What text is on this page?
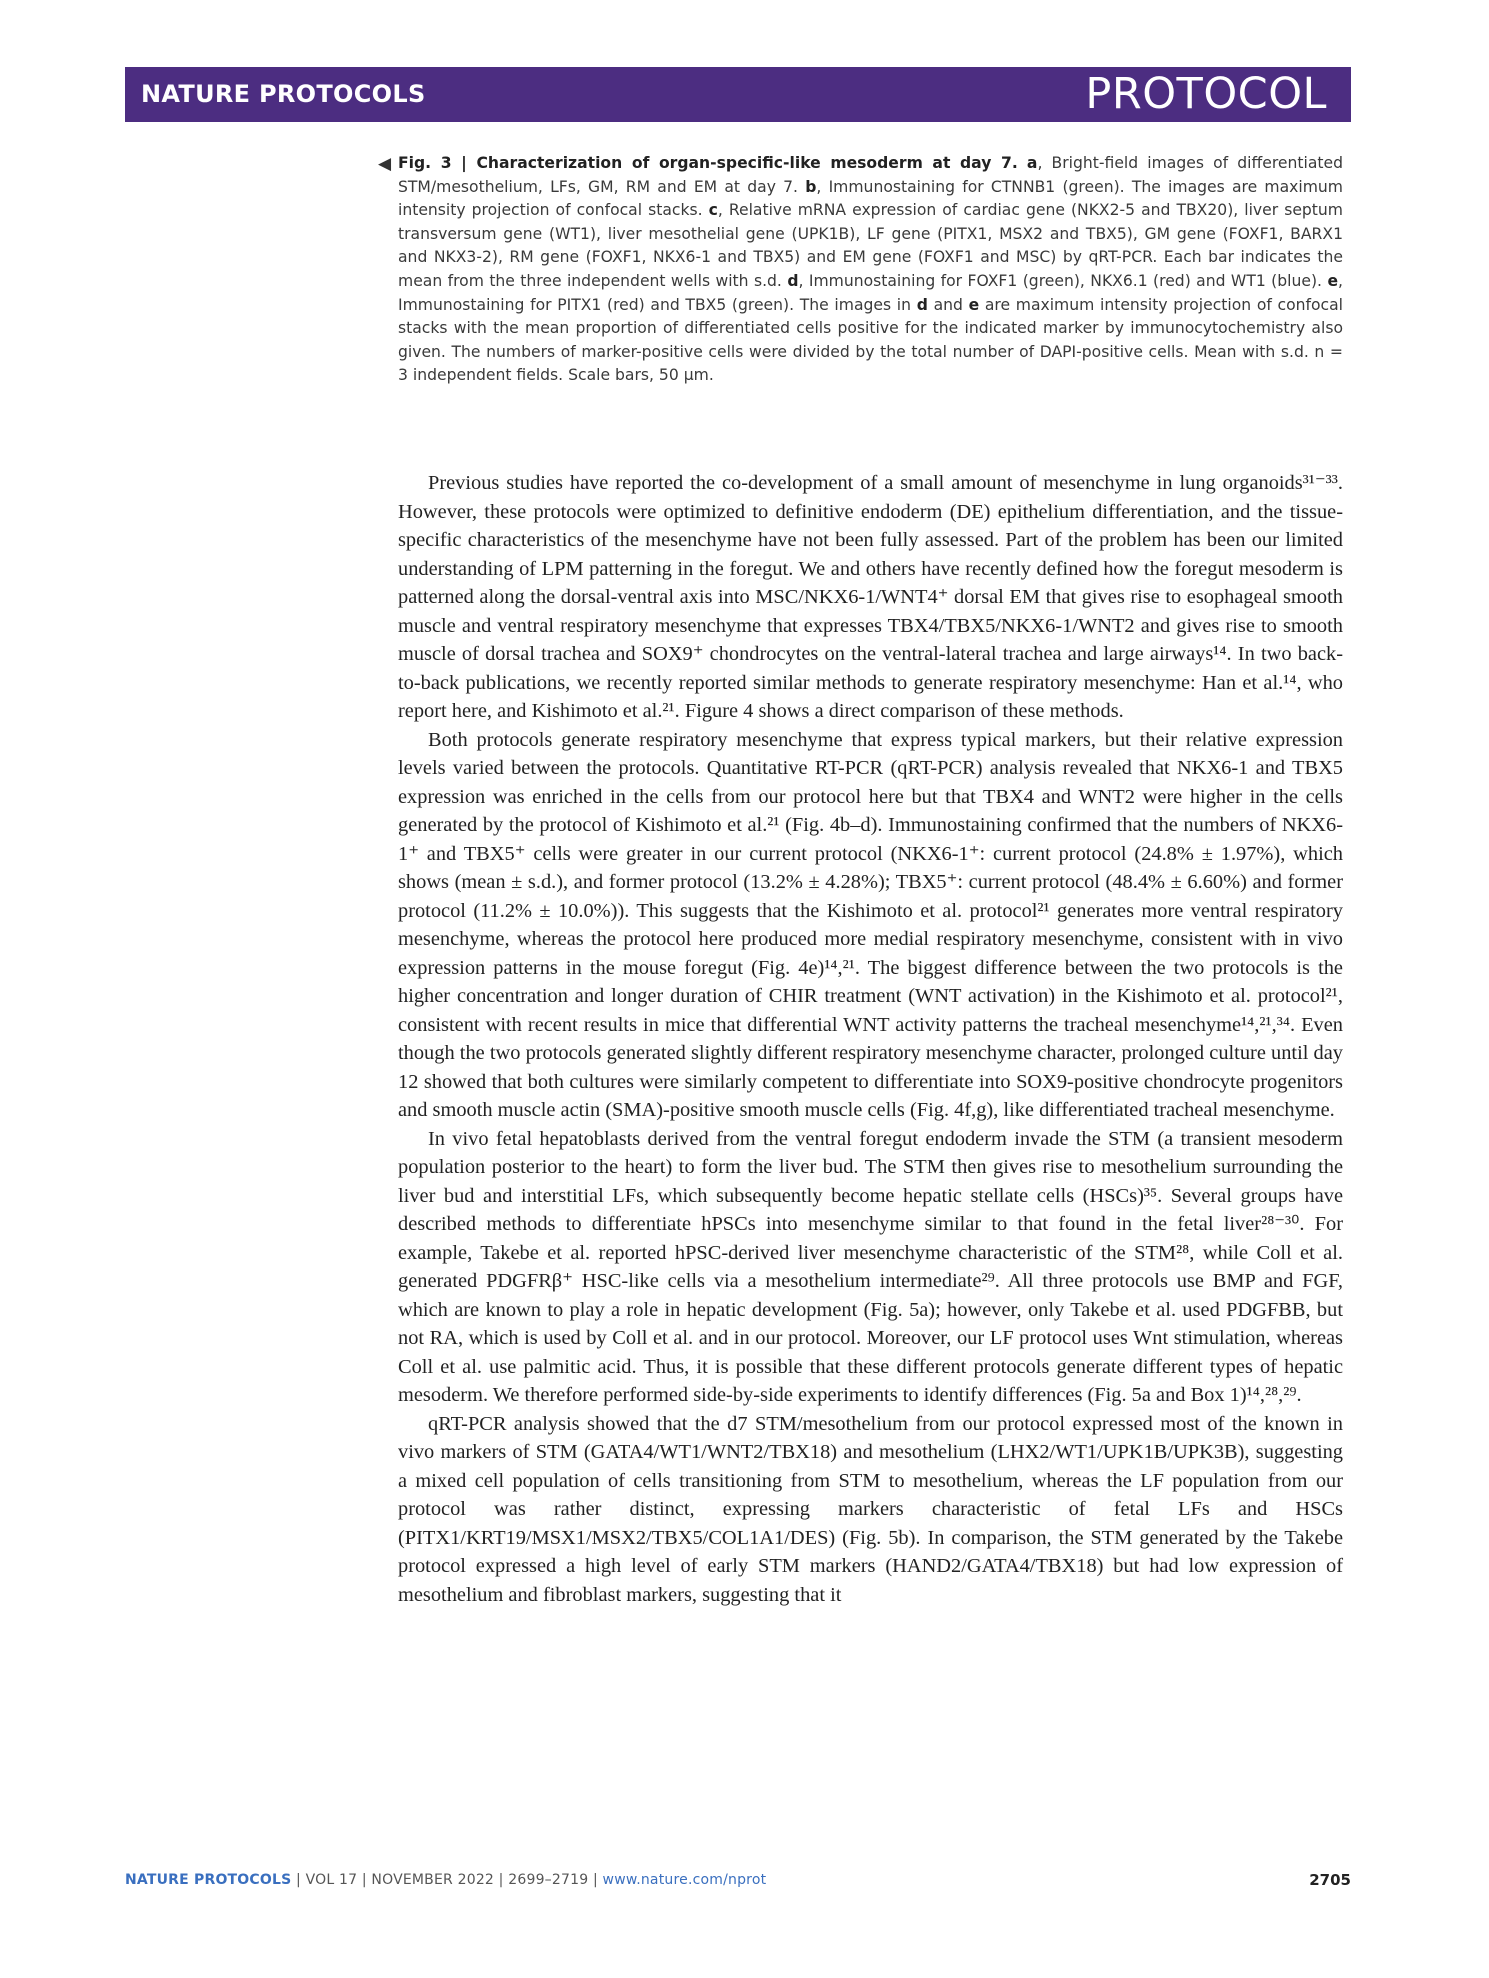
NATURE PROTOCOLS	PROTOCOL
◀ Fig. 3 | Characterization of organ-specific-like mesoderm at day 7. a, Bright-field images of differentiated STM/mesothelium, LFs, GM, RM and EM at day 7. b, Immunostaining for CTNNB1 (green). The images are maximum intensity projection of confocal stacks. c, Relative mRNA expression of cardiac gene (NKX2-5 and TBX20), liver septum transversum gene (WT1), liver mesothelial gene (UPK1B), LF gene (PITX1, MSX2 and TBX5), GM gene (FOXF1, BARX1 and NKX3-2), RM gene (FOXF1, NKX6-1 and TBX5) and EM gene (FOXF1 and MSC) by qRT-PCR. Each bar indicates the mean from the three independent wells with s.d. d, Immunostaining for FOXF1 (green), NKX6.1 (red) and WT1 (blue). e, Immunostaining for PITX1 (red) and TBX5 (green). The images in d and e are maximum intensity projection of confocal stacks with the mean proportion of differentiated cells positive for the indicated marker by immunocytochemistry also given. The numbers of marker-positive cells were divided by the total number of DAPI-positive cells. Mean with s.d. n = 3 independent fields. Scale bars, 50 μm.

Previous studies have reported the co-development of a small amount of mesenchyme in lung organoids³¹⁻³³. However, these protocols were optimized to definitive endoderm (DE) epithelium differentiation, and the tissue-specific characteristics of the mesenchyme have not been fully assessed. Part of the problem has been our limited understanding of LPM patterning in the foregut. We and others have recently defined how the foregut mesoderm is patterned along the dorsal-ventral axis into MSC/NKX6-1/WNT4⁺ dorsal EM that gives rise to esophageal smooth muscle and ventral respiratory mesenchyme that expresses TBX4/TBX5/NKX6-1/WNT2 and gives rise to smooth muscle of dorsal trachea and SOX9⁺ chondrocytes on the ventral-lateral trachea and large airways¹⁴. In two back-to-back publications, we recently reported similar methods to generate respiratory mesenchyme: Han et al.¹⁴, who report here, and Kishimoto et al.²¹. Figure 4 shows a direct comparison of these methods.

Both protocols generate respiratory mesenchyme that express typical markers, but their relative expression levels varied between the protocols. Quantitative RT-PCR (qRT-PCR) analysis revealed that NKX6-1 and TBX5 expression was enriched in the cells from our protocol here but that TBX4 and WNT2 were higher in the cells generated by the protocol of Kishimoto et al.²¹ (Fig. 4b–d). Immunostaining confirmed that the numbers of NKX6-1⁺ and TBX5⁺ cells were greater in our current protocol (NKX6-1⁺: current protocol (24.8% ± 1.97%), which shows (mean ± s.d.), and former protocol (13.2% ± 4.28%); TBX5⁺: current protocol (48.4% ± 6.60%) and former protocol (11.2% ± 10.0%)). This suggests that the Kishimoto et al. protocol²¹ generates more ventral respiratory mesenchyme, whereas the protocol here produced more medial respiratory mesenchyme, consistent with in vivo expression patterns in the mouse foregut (Fig. 4e)¹⁴,²¹. The biggest difference between the two protocols is the higher concentration and longer duration of CHIR treatment (WNT activation) in the Kishimoto et al. protocol²¹, consistent with recent results in mice that differential WNT activity patterns the tracheal mesenchyme¹⁴,²¹,³⁴. Even though the two protocols generated slightly different respiratory mesenchyme character, prolonged culture until day 12 showed that both cultures were similarly competent to differentiate into SOX9-positive chondrocyte progenitors and smooth muscle actin (SMA)-positive smooth muscle cells (Fig. 4f,g), like differentiated tracheal mesenchyme.

In vivo fetal hepatoblasts derived from the ventral foregut endoderm invade the STM (a transient mesoderm population posterior to the heart) to form the liver bud. The STM then gives rise to mesothelium surrounding the liver bud and interstitial LFs, which subsequently become hepatic stellate cells (HSCs)³⁵. Several groups have described methods to differentiate hPSCs into mesenchyme similar to that found in the fetal liver²⁸⁻³⁰. For example, Takebe et al. reported hPSC-derived liver mesenchyme characteristic of the STM²⁸, while Coll et al. generated PDGFRβ⁺ HSC-like cells via a mesothelium intermediate²⁹. All three protocols use BMP and FGF, which are known to play a role in hepatic development (Fig. 5a); however, only Takebe et al. used PDGFBB, but not RA, which is used by Coll et al. and in our protocol. Moreover, our LF protocol uses Wnt stimulation, whereas Coll et al. use palmitic acid. Thus, it is possible that these different protocols generate different types of hepatic mesoderm. We therefore performed side-by-side experiments to identify differences (Fig. 5a and Box 1)¹⁴,²⁸,²⁹.

qRT-PCR analysis showed that the d7 STM/mesothelium from our protocol expressed most of the known in vivo markers of STM (GATA4/WT1/WNT2/TBX18) and mesothelium (LHX2/WT1/UPK1B/UPK3B), suggesting a mixed cell population of cells transitioning from STM to mesothelium, whereas the LF population from our protocol was rather distinct, expressing markers characteristic of fetal LFs and HSCs (PITX1/KRT19/MSX1/MSX2/TBX5/COL1A1/DES) (Fig. 5b). In comparison, the STM generated by the Takebe protocol expressed a high level of early STM markers (HAND2/GATA4/TBX18) but had low expression of mesothelium and fibroblast markers, suggesting that it

NATURE PROTOCOLS | VOL 17 | NOVEMBER 2022 | 2699–2719 | www.nature.com/nprot	2705
